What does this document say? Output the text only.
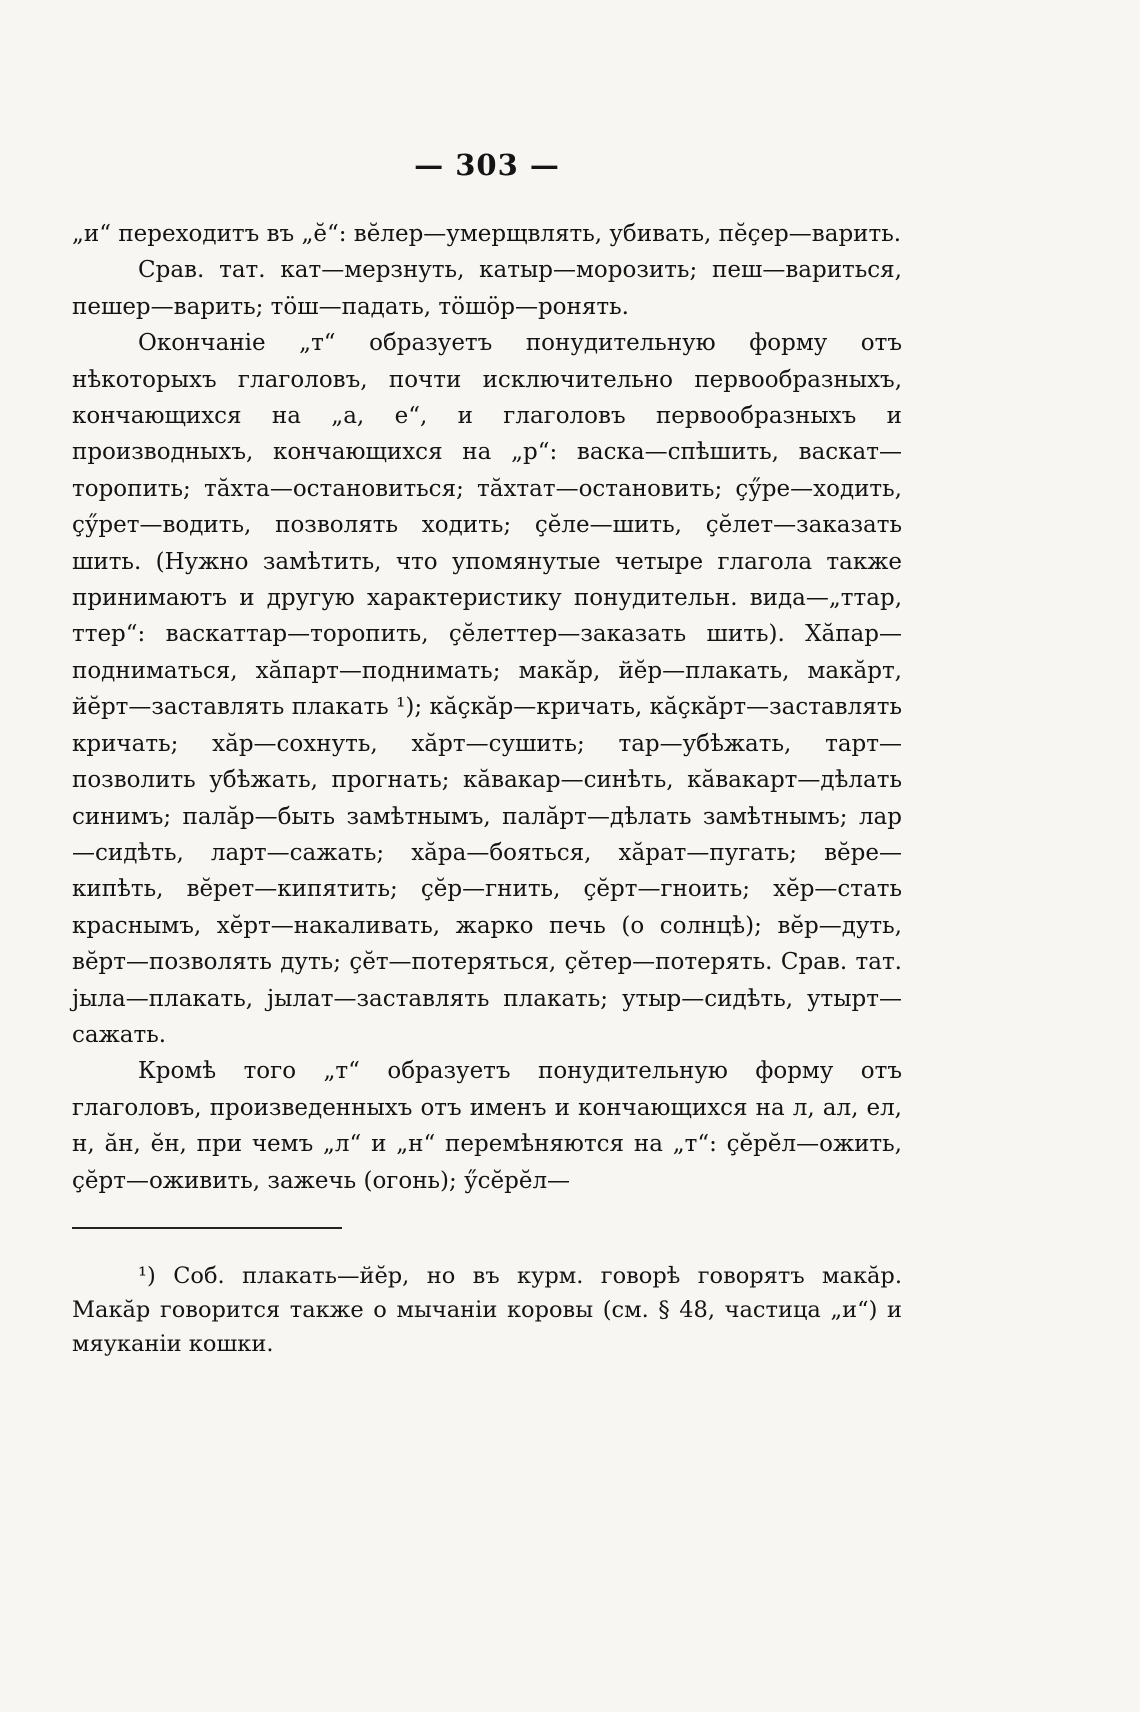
— 303 —

„и“ переходитъ въ „ӗ“: вӗлер—умерщвлять, убивать, пӗҫер—варить.

Срав. тат. кат—мерзнуть, катыр—морозить; пеш—вариться, пешер—варить; тӧш—падать, тӧшӧр—ронять.

Окончаніе „т“ образуетъ понудительную форму отъ нѣкоторыхъ глаголовъ, почти исключительно первообразныхъ, кончающихся на „а, е“, и глаголовъ первообразныхъ и производныхъ, кончающихся на „р“: васка—спѣшить, васкат—торопить; тӑхта—остановиться; тӑхтат—остановить; ҫӳре—ходить, ҫӳрет—водить, позволять ходить; ҫӗле—шить, ҫӗлет—заказать шить. (Нужно замѣтить, что упомянутые четыре глагола также принимаютъ и другую характеристику понудительн. вида—„ттар, ттер“: васкаттар—торопить, ҫӗлеттер—заказать шить). Хӑпар—подниматься, хӑпарт—поднимать; макӑр, йӗр—плакать, макӑрт, йӗрт—заставлять плакать ¹); кӑҫкӑр—кричать, кӑҫкӑрт—заставлять кричать; хӑр—сохнуть, хӑрт—сушить; тар—убѣжать, тарт—позволить убѣжать, прогнать; кӑвакар—синѣть, кӑвакарт—дѣлать синимъ; палӑр—быть замѣтнымъ, палӑрт—дѣлать замѣтнымъ; лар—сидѣть, ларт—сажать; хӑра—бояться, хӑрат—пугать; вӗре—кипѣть, вӗрет—кипятить; ҫӗр—гнить, ҫӗрт—гноить; хӗр—стать краснымъ, хӗрт—накаливать, жарко печь (о солнцѣ); вӗр—дуть, вӗрт—позволять дуть; ҫӗт—потеряться, ҫӗтер—потерять. Срав. тат. јыла—плакать, јылат—заставлять плакать; утыр—сидѣть, утырт—сажать.

Кромѣ того „т“ образуетъ понудительную форму отъ глаголовъ, произведенныхъ отъ именъ и кончающихся на л, ал, ел, н, ӑн, ӗн, при чемъ „л“ и „н“ перемѣняются на „т“: ҫӗрӗл—ожить, ҫӗрт—оживить, зажечь (огонь); ӳсӗрӗл—

¹) Соб. плакать—йӗр, но въ курм. говорѣ говорятъ макӑр. Макӑр говорится также о мычаніи коровы (см. § 48, частица „и“) и мяуканіи кошки.
